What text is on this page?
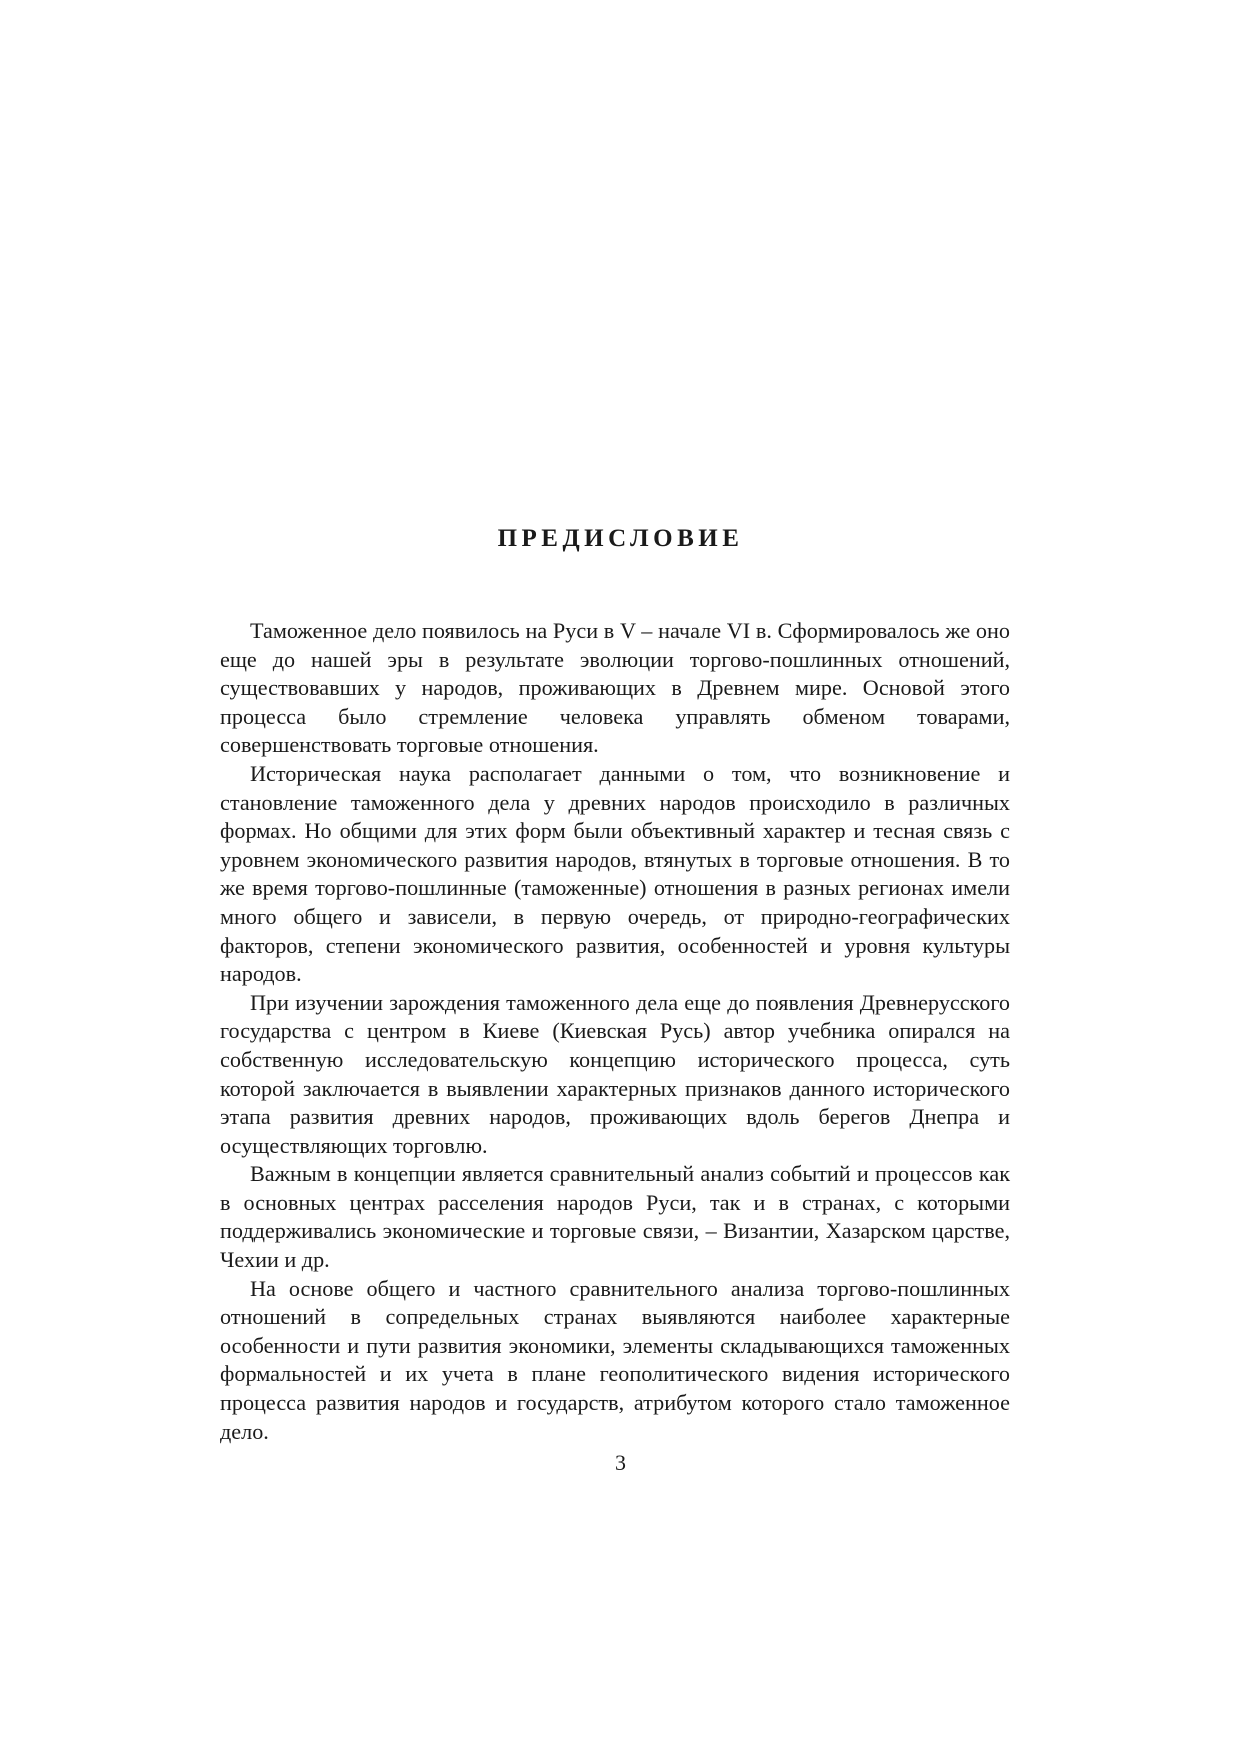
ПРЕДИСЛОВИЕ

Таможенное дело появилось на Руси в V – начале VI в. Сформировалось же оно еще до нашей эры в результате эволюции торгово-пошлинных отношений, существовавших у народов, проживающих в Древнем мире. Основой этого процесса было стремление человека управлять обменом товарами, совершенствовать торговые отношения.

Историческая наука располагает данными о том, что возникновение и становление таможенного дела у древних народов происходило в различных формах. Но общими для этих форм были объективный характер и тесная связь с уровнем экономического развития народов, втянутых в торговые отношения. В то же время торгово-пошлинные (таможенные) отношения в разных регионах имели много общего и зависели, в первую очередь, от природно-географических факторов, степени экономического развития, особенностей и уровня культуры народов.

При изучении зарождения таможенного дела еще до появления Древнерусского государства с центром в Киеве (Киевская Русь) автор учебника опирался на собственную исследовательскую концепцию исторического процесса, суть которой заключается в выявлении характерных признаков данного исторического этапа развития древних народов, проживающих вдоль берегов Днепра и осуществляющих торговлю.

Важным в концепции является сравнительный анализ событий и процессов как в основных центрах расселения народов Руси, так и в странах, с которыми поддерживались экономические и торговые связи, – Византии, Хазарском царстве, Чехии и др.

На основе общего и частного сравнительного анализа торгово-пошлинных отношений в сопредельных странах выявляются наиболее характерные особенности и пути развития экономики, элементы складывающихся таможенных формальностей и их учета в плане геополитического видения исторического процесса развития народов и государств, атрибутом которого стало таможенное дело.

3
